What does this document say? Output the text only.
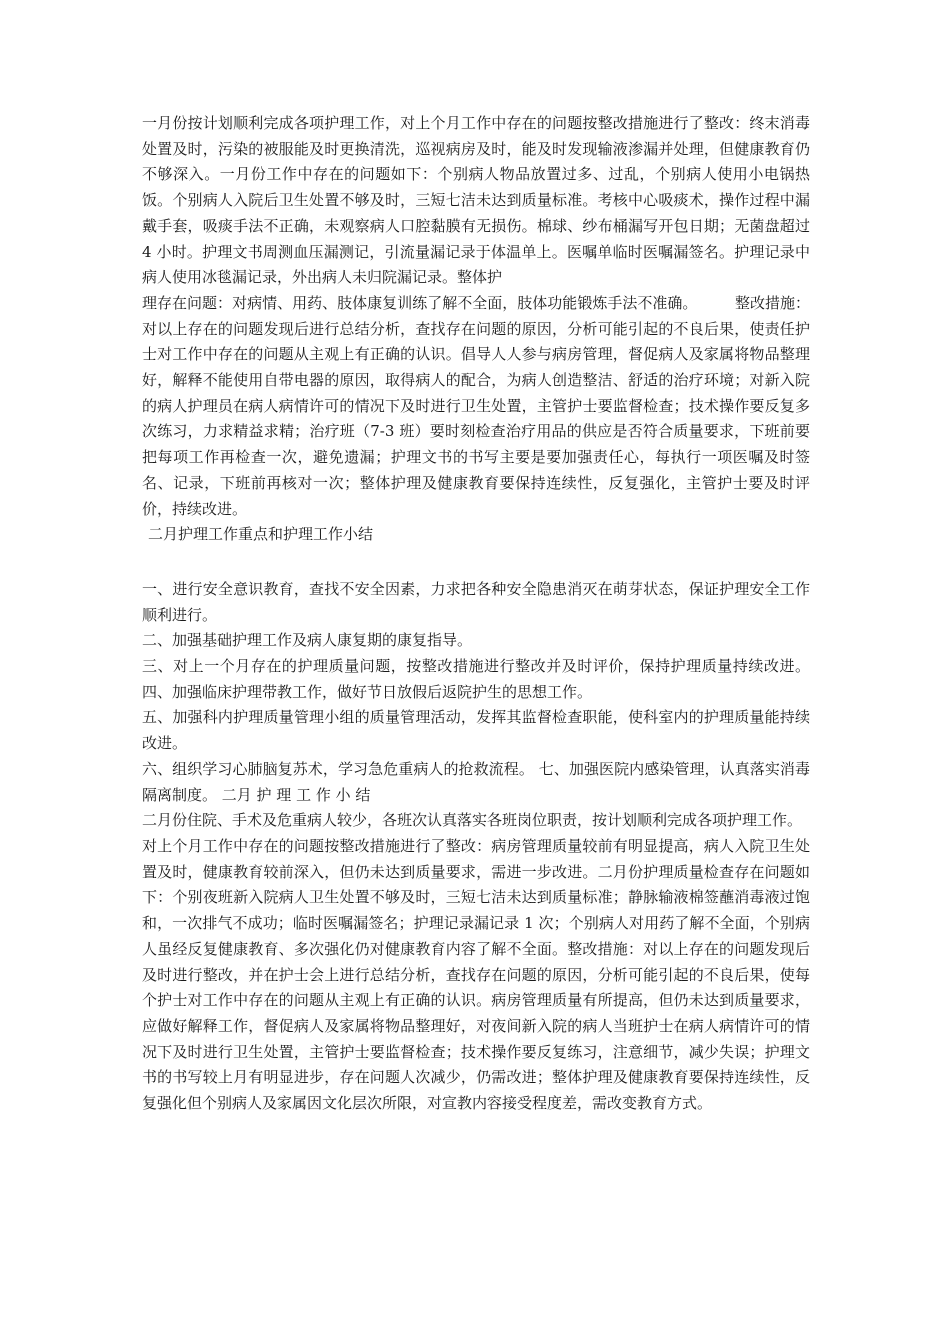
一月份按计划顺利完成各项护理工作，对上个月工作中存在的问题按整改措施进行了整改：终末消毒处置及时，污染的被服能及时更换清洗，巡视病房及时，能及时发现输液渗漏并处理，但健康教育仍不够深入。一月份工作中存在的问题如下：个别病人物品放置过多、过乱，个别病人使用小电锅热饭。个别病人入院后卫生处置不够及时，三短七洁未达到质量标准。考核中心吸痰术，操作过程中漏戴手套，吸痰手法不正确，未观察病人口腔黏膜有无损伤。棉球、纱布桶漏写开包日期；无菌盘超过 4 小时。护理文书周测血压漏测记，引流量漏记录于体温单上。医嘱单临时医嘱漏签名。护理记录中病人使用冰毯漏记录，外出病人未归院漏记录。整体护

理存在问题：对病情、用药、肢体康复训练了解不全面，肢体功能锻炼手法不准确。　　　整改措施：对以上存在的问题发现后进行总结分析，查找存在问题的原因，分析可能引起的不良后果，使责任护士对工作中存在的问题从主观上有正确的认识。倡导人人参与病房管理，督促病人及家属将物品整理好，解释不能使用自带电器的原因，取得病人的配合，为病人创造整洁、舒适的治疗环境；对新入院的病人护理员在病人病情许可的情况下及时进行卫生处置，主管护士要监督检查；技术操作要反复多次练习，力求精益求精；治疗班（7-3 班）要时刻检查治疗用品的供应是否符合质量要求，下班前要把每项工作再检查一次，避免遗漏；护理文书的书写主要是要加强责任心，每执行一项医嘱及时签名、记录，下班前再核对一次；整体护理及健康教育要保持连续性，反复强化，主管护士要及时评价，持续改进。

二月护理工作重点和护理工作小结

一、进行安全意识教育，查找不安全因素，力求把各种安全隐患消灭在萌芽状态，保证护理安全工作顺利进行。

二、加强基础护理工作及病人康复期的康复指导。

三、对上一个月存在的护理质量问题，按整改措施进行整改并及时评价，保持护理质量持续改进。 四、加强临床护理带教工作，做好节日放假后返院护生的思想工作。

五、加强科内护理质量管理小组的质量管理活动，发挥其监督检查职能，使科室内的护理质量能持续改进。

六、组织学习心肺脑复苏术，学习急危重病人的抢救流程。 七、加强医院内感染管理，认真落实消毒隔离制度。 二月 护 理 工 作 小 结

二月份住院、手术及危重病人较少，各班次认真落实各班岗位职责，按计划顺利完成各项护理工作。

对上个月工作中存在的问题按整改措施进行了整改：病房管理质量较前有明显提高，病人入院卫生处置及时，健康教育较前深入，但仍未达到质量要求，需进一步改进。二月份护理质量检查存在问题如下：个别夜班新入院病人卫生处置不够及时，三短七洁未达到质量标准；静脉输液棉签蘸消毒液过饱和，一次排气不成功；临时医嘱漏签名；护理记录漏记录 1 次；个别病人对用药了解不全面，个别病人虽经反复健康教育、多次强化仍对健康教育内容了解不全面。整改措施：对以上存在的问题发现后及时进行整改，并在护士会上进行总结分析，查找存在问题的原因，分析可能引起的不良后果，使每个护士对工作中存在的问题从主观上有正确的认识。病房管理质量有所提高，但仍未达到质量要求，应做好解释工作，督促病人及家属将物品整理好，对夜间新入院的病人当班护士在病人病情许可的情况下及时进行卫生处置，主管护士要监督检查；技术操作要反复练习，注意细节，减少失误；护理文书的书写较上月有明显进步，存在问题人次减少，仍需改进；整体护理及健康教育要保持连续性，反复强化但个别病人及家属因文化层次所限，对宣教内容接受程度差，需改变教育方式。
